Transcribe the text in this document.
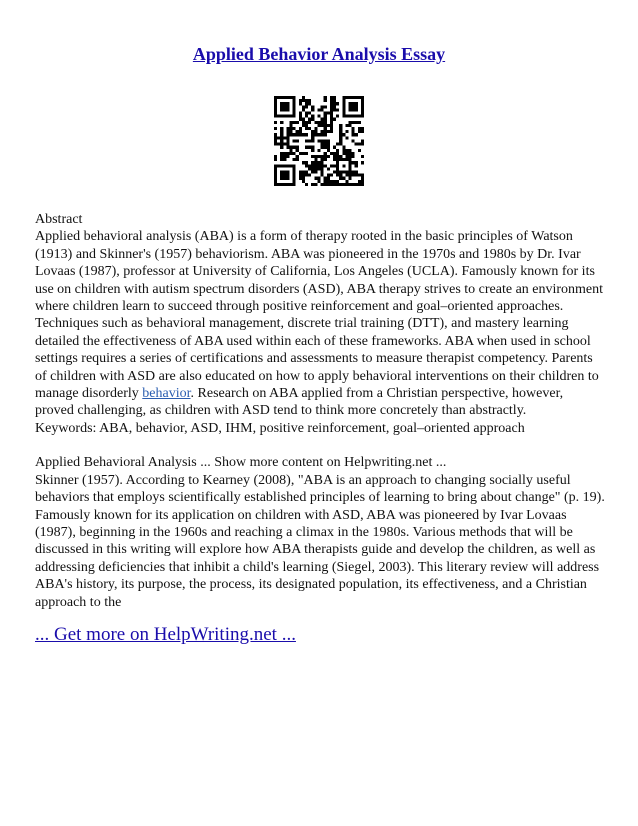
Applied Behavior Analysis Essay

Abstract

Applied behavioral analysis (ABA) is a form of therapy rooted in the basic principles of Watson (1913) and Skinner's (1957) behaviorism. ABA was pioneered in the 1970s and 1980s by Dr. Ivar Lovaas (1987), professor at University of California, Los Angeles (UCLA). Famously known for its use on children with autism spectrum disorders (ASD), ABA therapy strives to create an environment where children learn to succeed through positive reinforcement and goal–oriented approaches. Techniques such as behavioral management, discrete trial training (DTT), and mastery learning detailed the effectiveness of ABA used within each of these frameworks. ABA when used in school settings requires a series of certifications and assessments to measure therapist competency. Parents of children with ASD are also educated on how to apply behavioral interventions on their children to manage disorderly behavior. Research on ABA applied from a Christian perspective, however, proved challenging, as children with ASD tend to think more concretely than abstractly.

Keywords: ABA, behavior, ASD, IHM, positive reinforcement, goal–oriented approach

Applied Behavioral Analysis ... Show more content on Helpwriting.net ...

Skinner (1957). According to Kearney (2008), "ABA is an approach to changing socially useful behaviors that employs scientifically established principles of learning to bring about change" (p. 19). Famously known for its application on children with ASD, ABA was pioneered by Ivar Lovaas (1987), beginning in the 1960s and reaching a climax in the 1980s. Various methods that will be discussed in this writing will explore how ABA therapists guide and develop the children, as well as addressing deficiencies that inhibit a child's learning (Siegel, 2003). This literary review will address ABA's history, its purpose, the process, its designated population, its effectiveness, and a Christian approach to the

... Get more on HelpWriting.net ...
